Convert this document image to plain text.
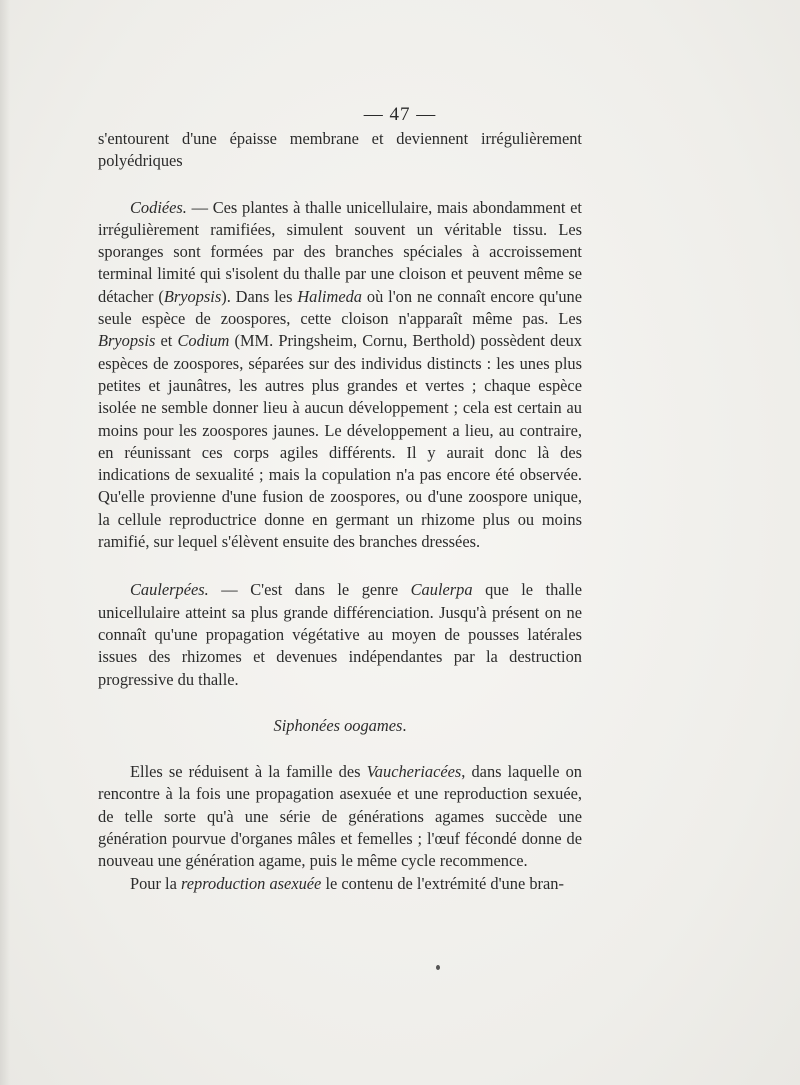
— 47 —

s'entourent d'une épaisse membrane et deviennent irrégulièrement polyédriques

Codiées. — Ces plantes à thalle unicellulaire, mais abondamment et irrégulièrement ramifiées, simulent souvent un véritable tissu. Les sporanges sont formées par des branches spéciales à accroissement terminal limité qui s'isolent du thalle par une cloison et peuvent même se détacher (Bryopsis). Dans les Halimeda où l'on ne connaît encore qu'une seule espèce de zoospores, cette cloison n'apparaît même pas. Les Bryopsis et Codium (MM. Pringsheim, Cornu, Berthold) possèdent deux espèces de zoospores, séparées sur des individus distincts : les unes plus petites et jaunâtres, les autres plus grandes et vertes ; chaque espèce isolée ne semble donner lieu à aucun développement ; cela est certain au moins pour les zoospores jaunes. Le développement a lieu, au contraire, en réunissant ces corps agiles différents. Il y aurait donc là des indications de sexualité ; mais la copulation n'a pas encore été observée. Qu'elle provienne d'une fusion de zoospores, ou d'une zoospore unique, la cellule reproductrice donne en germant un rhizome plus ou moins ramifié, sur lequel s'élèvent ensuite des branches dressées.

Caulerpées. — C'est dans le genre Caulerpa que le thalle unicellulaire atteint sa plus grande différenciation. Jusqu'à présent on ne connaît qu'une propagation végétative au moyen de pousses latérales issues des rhizomes et devenues indépendantes par la destruction progressive du thalle.

Siphonées oogames.

Elles se réduisent à la famille des Vaucheriacées, dans laquelle on rencontre à la fois une propagation asexuée et une reproduction sexuée, de telle sorte qu'à une série de générations agames succède une génération pourvue d'organes mâles et femelles ; l'œuf fécondé donne de nouveau une génération agame, puis le même cycle recommence.

Pour la reproduction asexuée le contenu de l'extrémité d'une bran-
